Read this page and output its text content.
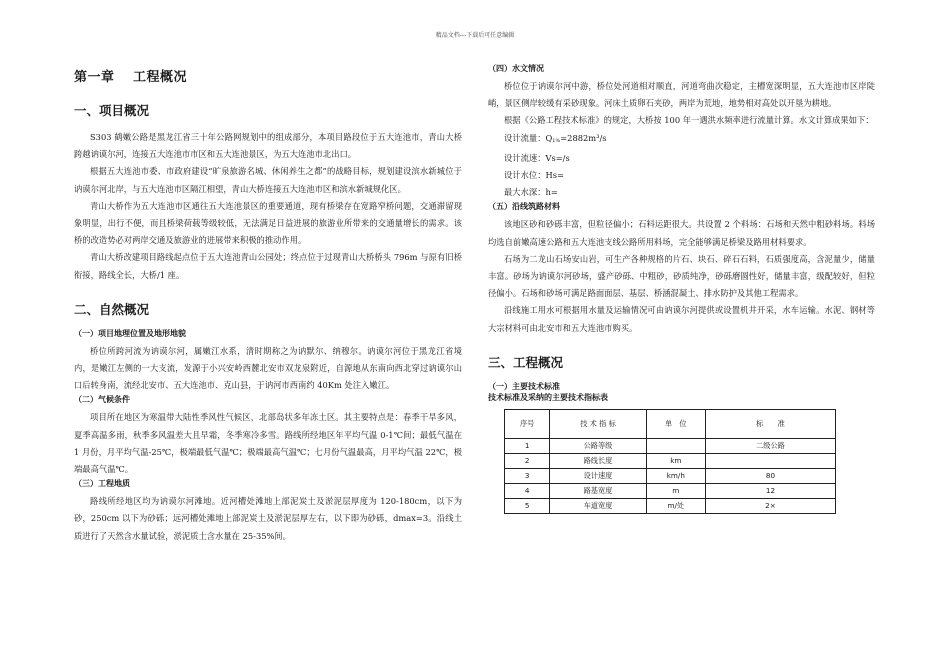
精品文档---下载后可任意编辑
第一章　 工程概况
一、项目概况

S303 鹤嫩公路是黑龙江省三十年公路网规划中的组成部分，本项目路段位于五大连池市，青山大桥跨越讷谟尔河，连接五大连池市市区和五大连池景区，为五大连池市北出口。

根据五大连池市委、市政府建设“旷泉旅游名城、休闲养生之都”的战略目标，规划建设滨水新城位于讷谟尔河北岸，与五大连池市区隔江相望，青山大桥连接五大连池市区和滨水新城规化区。

青山大桥作为五大连池市区通往五大连池景区的重要通道，现有桥梁存在宽路窄桥问题，交通滞留现象明显，出行不便，而且桥梁荷载等级较低，无法满足日益进展的旅游业所带来的交通量增长的需求。该桥的改造势必对两岸交通及旅游业的进展带来积极的推动作用。

青山大桥改建项目路线起点位于五大连池青山公园处；终点位于过现青山大桥桥头 796m 与原有旧桥衔接，路线全长，大桥/1 座。

二、自然概况
（一）项目地理位置及地形地貌

桥位所跨河流为讷谟尔河，属嫩江水系，清时期称之为讷默尔、纳穆尔。讷谟尔河位于黑龙江省境内，是嫩江左侧的一大支流，发源于小兴安岭西麓北安市双龙泉附近，自源地从东南向西北穿过讷谟尔山口后转身南，流经北安市、五大连池市、克山县，于讷河市西南约 40Km 处注入嫩江。

（二）气候条件

项目所在地区为寒温带大陆性季风性气候区，北部岛状多年冻土区。其主要特点是：春季干旱多风，夏季高温多雨，秋季多风温差大且早霜，冬季寒冷多雪。路线所经地区年平均气温 0-1℃间；最低气温在 1 月份，月平均气温-25℃，极端最低气温℃；极端最高气温℃；七月份气温最高，月平均气温 22℃，极端最高气温℃。

（三）工程地质

路线所经地区均为讷谟尔河滩地。近河槽处滩地上部泥炭土及淤泥层厚度为 120-180cm，以下为砂，250cm 以下为砂砾；远河槽处滩地上部泥炭土及淤泥层厚左右，以下即为砂砾，dmax=3。沿线土质进行了天然含水量试验，淤泥质土含水量在 25-35%间。

（四）水文情况

桥位位于讷谟尔河中游，桥位处河道相对顺直，河道弯曲次稳定，主槽宽深明显，五大连池市区岸陡峭，景区侧岸较缓有采砂现象。河床土质卵石夹砂，两岸为荒地，地势相对高处以开垦为耕地。

根据《公路工程技术标准》的规定，大桥按 100 年一遇洪水频率进行流量计算。水文计算成果如下：

设计流量：$Q_{1\%}=2882m^3/s$
设计流速：Vs=/s
设计水位：Hs=
最大水深：h=
（五）沿线筑路材料

该地区砂和砂砾丰富，但粒径偏小；石料运距很大。共设置 2 个料场：石场和天然中粗砂料场。料场均选自前嫩高速公路和五大连池支线公路所用料场，完全能够满足桥梁及路用材料要求。

石场为二龙山石场安山岩，可生产各种规格的片石、块石、碎石石料，石质强度高，含泥量少，储量丰富。砂场为讷谟尔河砂场，盛产砂砾、中粗砂，砂质纯净，砂砾磨圆性好，储量丰富，级配较好，但粒径偏小。石场和砂场可满足路面面层、基层、桥涵混凝土、排水防护及其他工程需求。

沿线施工用水可根据用水量及运输情况可由讷谟尔河提供或设置机井开采，水车运输。水泥、钢材等大宗材料可由北安市和五大连池市购买。

三、工程概况
（一）主要技术标准
技术标准及采纳的主要技术指标表
序号	技 术 指 标	单　位	标　　准
1	公路等级		二级公路
2	路线长度	km	
3	设计速度	km/h	80
4	路基宽度	m	12
5	车道宽度	m/处	2×
